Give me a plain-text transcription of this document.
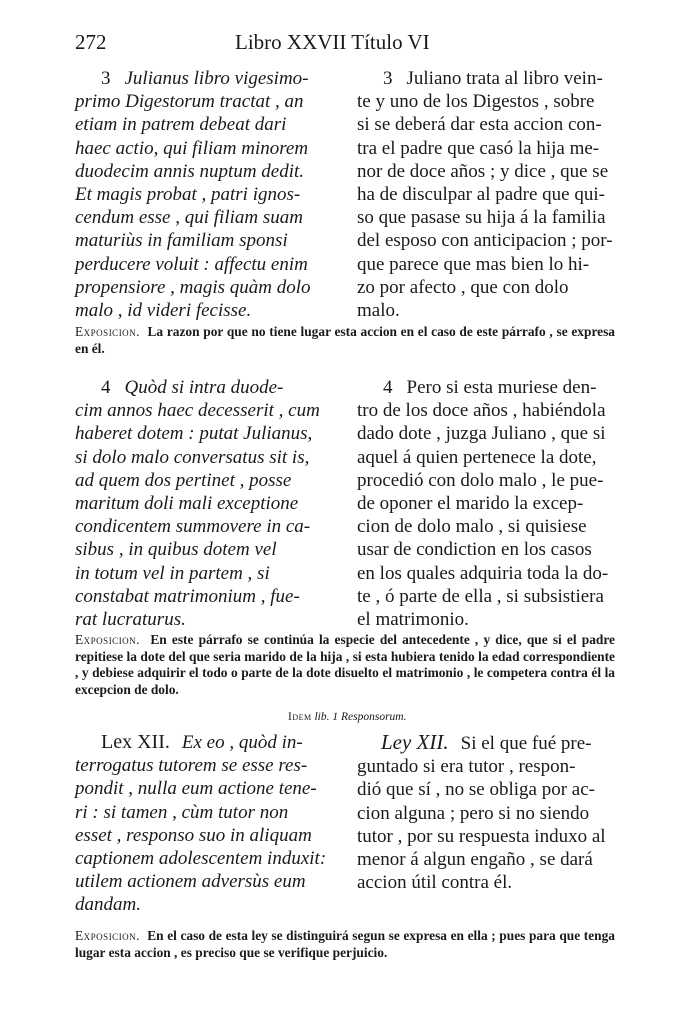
272	Libro XXVII Título VI

3 Julianus libro vigesimo-

primo Digestorum tractat , an

etiam in patrem debeat dari

haec actio, qui filiam minorem

duodecim annis nuptum dedit.

Et magis probat , patri ignos-

cendum esse , qui filiam suam

maturiùs in familiam sponsi

perducere voluit : affectu enim

propensiore , magis quàm dolo

malo , id videri fecisse.

3 Juliano trata al libro vein-

te y uno de los Digestos , sobre

si se deberá dar esta accion con-

tra el padre que casó la hija me-

nor de doce años ; y dice , que se

ha de disculpar al padre que qui-

so que pasase su hija á la familia

del esposo con anticipacion ; por-

que parece que mas bien lo hi-

zo por afecto , que con dolo

malo.

Exposicion. La razon por que no tiene lugar esta accion en el caso de este párrafo , se expresa en él.

4 Quòd si intra duode-

cim annos haec decesserit , cum

haberet dotem : putat Julianus,

si dolo malo conversatus sit is,

ad quem dos pertinet , posse

maritum doli mali exceptione

condicentem summovere in ca-

sibus , in quibus dotem vel

in totum vel in partem , si

constabat matrimonium , fue-

rat lucraturus.

4 Pero si esta muriese den-

tro de los doce años , habiéndola

dado dote , juzga Juliano , que si

aquel á quien pertenece la dote,

procedió con dolo malo , le pue-

de oponer el marido la excep-

cion de dolo malo , si quisiese

usar de condiction en los casos

en los quales adquiria toda la do-

te , ó parte de ella , si subsistiera

el matrimonio.

Exposicion. En este párrafo se continúa la especie del antecedente , y dice, que si el padre repitiese la dote del que seria marido de la hija , si esta hubiera tenido la edad correspondiente , y debiese adquirir el todo o parte de la dote disuelto el matrimonio , le competera contra él la excepcion de dolo.
Idem lib. 1 Responsorum.

Lex XII. Ex eo , quòd in-

terrogatus tutorem se esse res-

pondit , nulla eum actione tene-

ri : si tamen , cùm tutor non

esset , responso suo in aliquam

captionem adolescentem induxit:

utilem actionem adversùs eum

dandam.

Ley XII. Si el que fué pre-

guntado si era tutor , respon-

dió que sí , no se obliga por ac-

cion alguna ; pero si no siendo

tutor , por su respuesta induxo al

menor á algun engaño , se dará

accion útil contra él.

Exposicion. En el caso de esta ley se distinguirá segun se expresa en ella ; pues para que tenga lugar esta accion , es preciso que se verifique perjuicio.
